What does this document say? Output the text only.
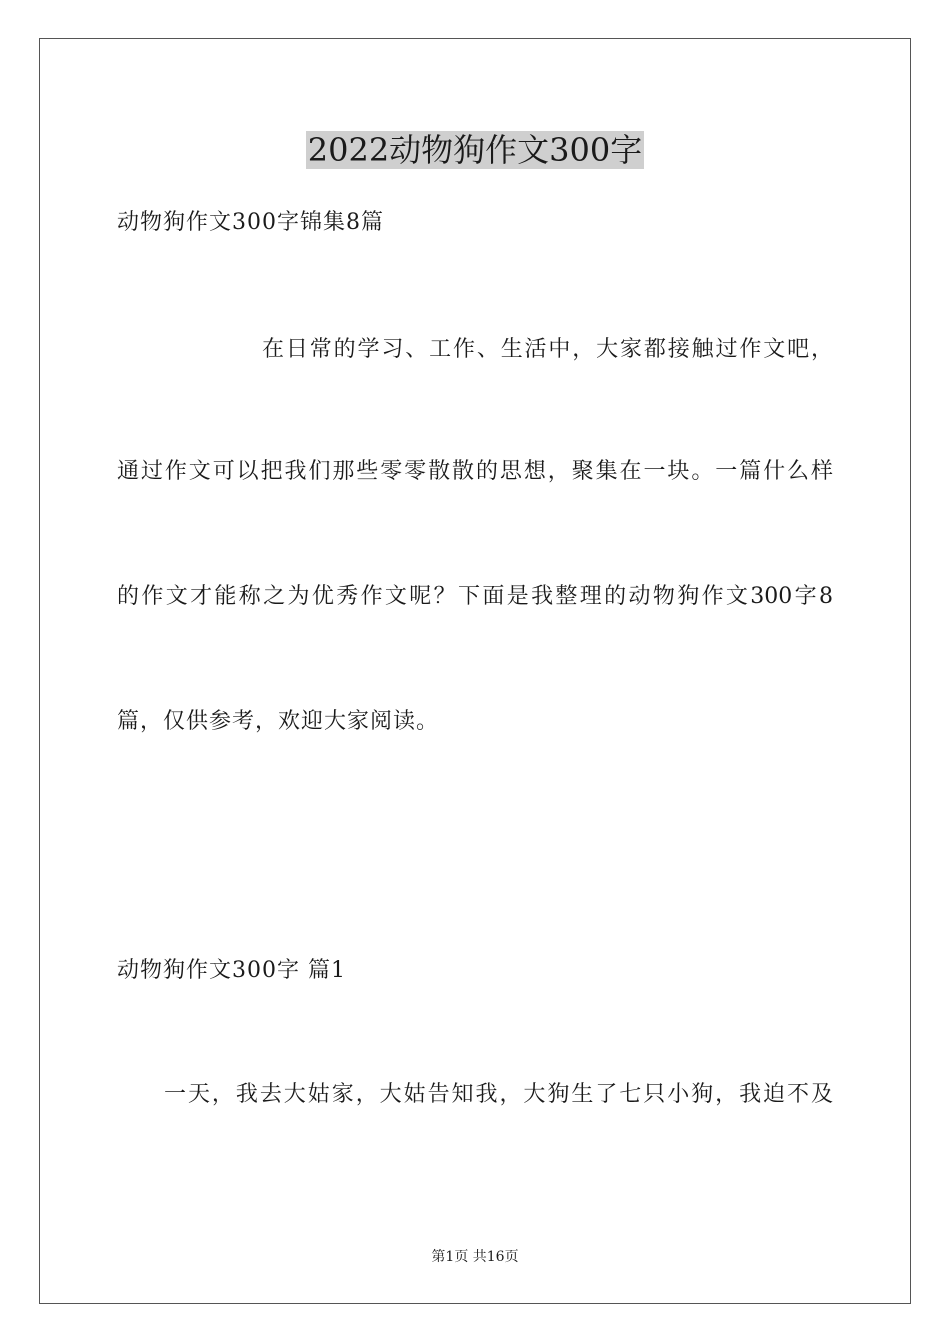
2022动物狗作文300字
动物狗作文300字锦集8篇
在日常的学习、工作、生活中，大家都接触过作文吧，
通过作文可以把我们那些零零散散的思想，聚集在一块。一篇什么样
的作文才能称之为优秀作文呢？下面是我整理的动物狗作文300字8
篇，仅供参考，欢迎大家阅读。
动物狗作文300字 篇1
一天，我去大姑家，大姑告知我，大狗生了七只小狗，我迫不及
第1页 共16页
